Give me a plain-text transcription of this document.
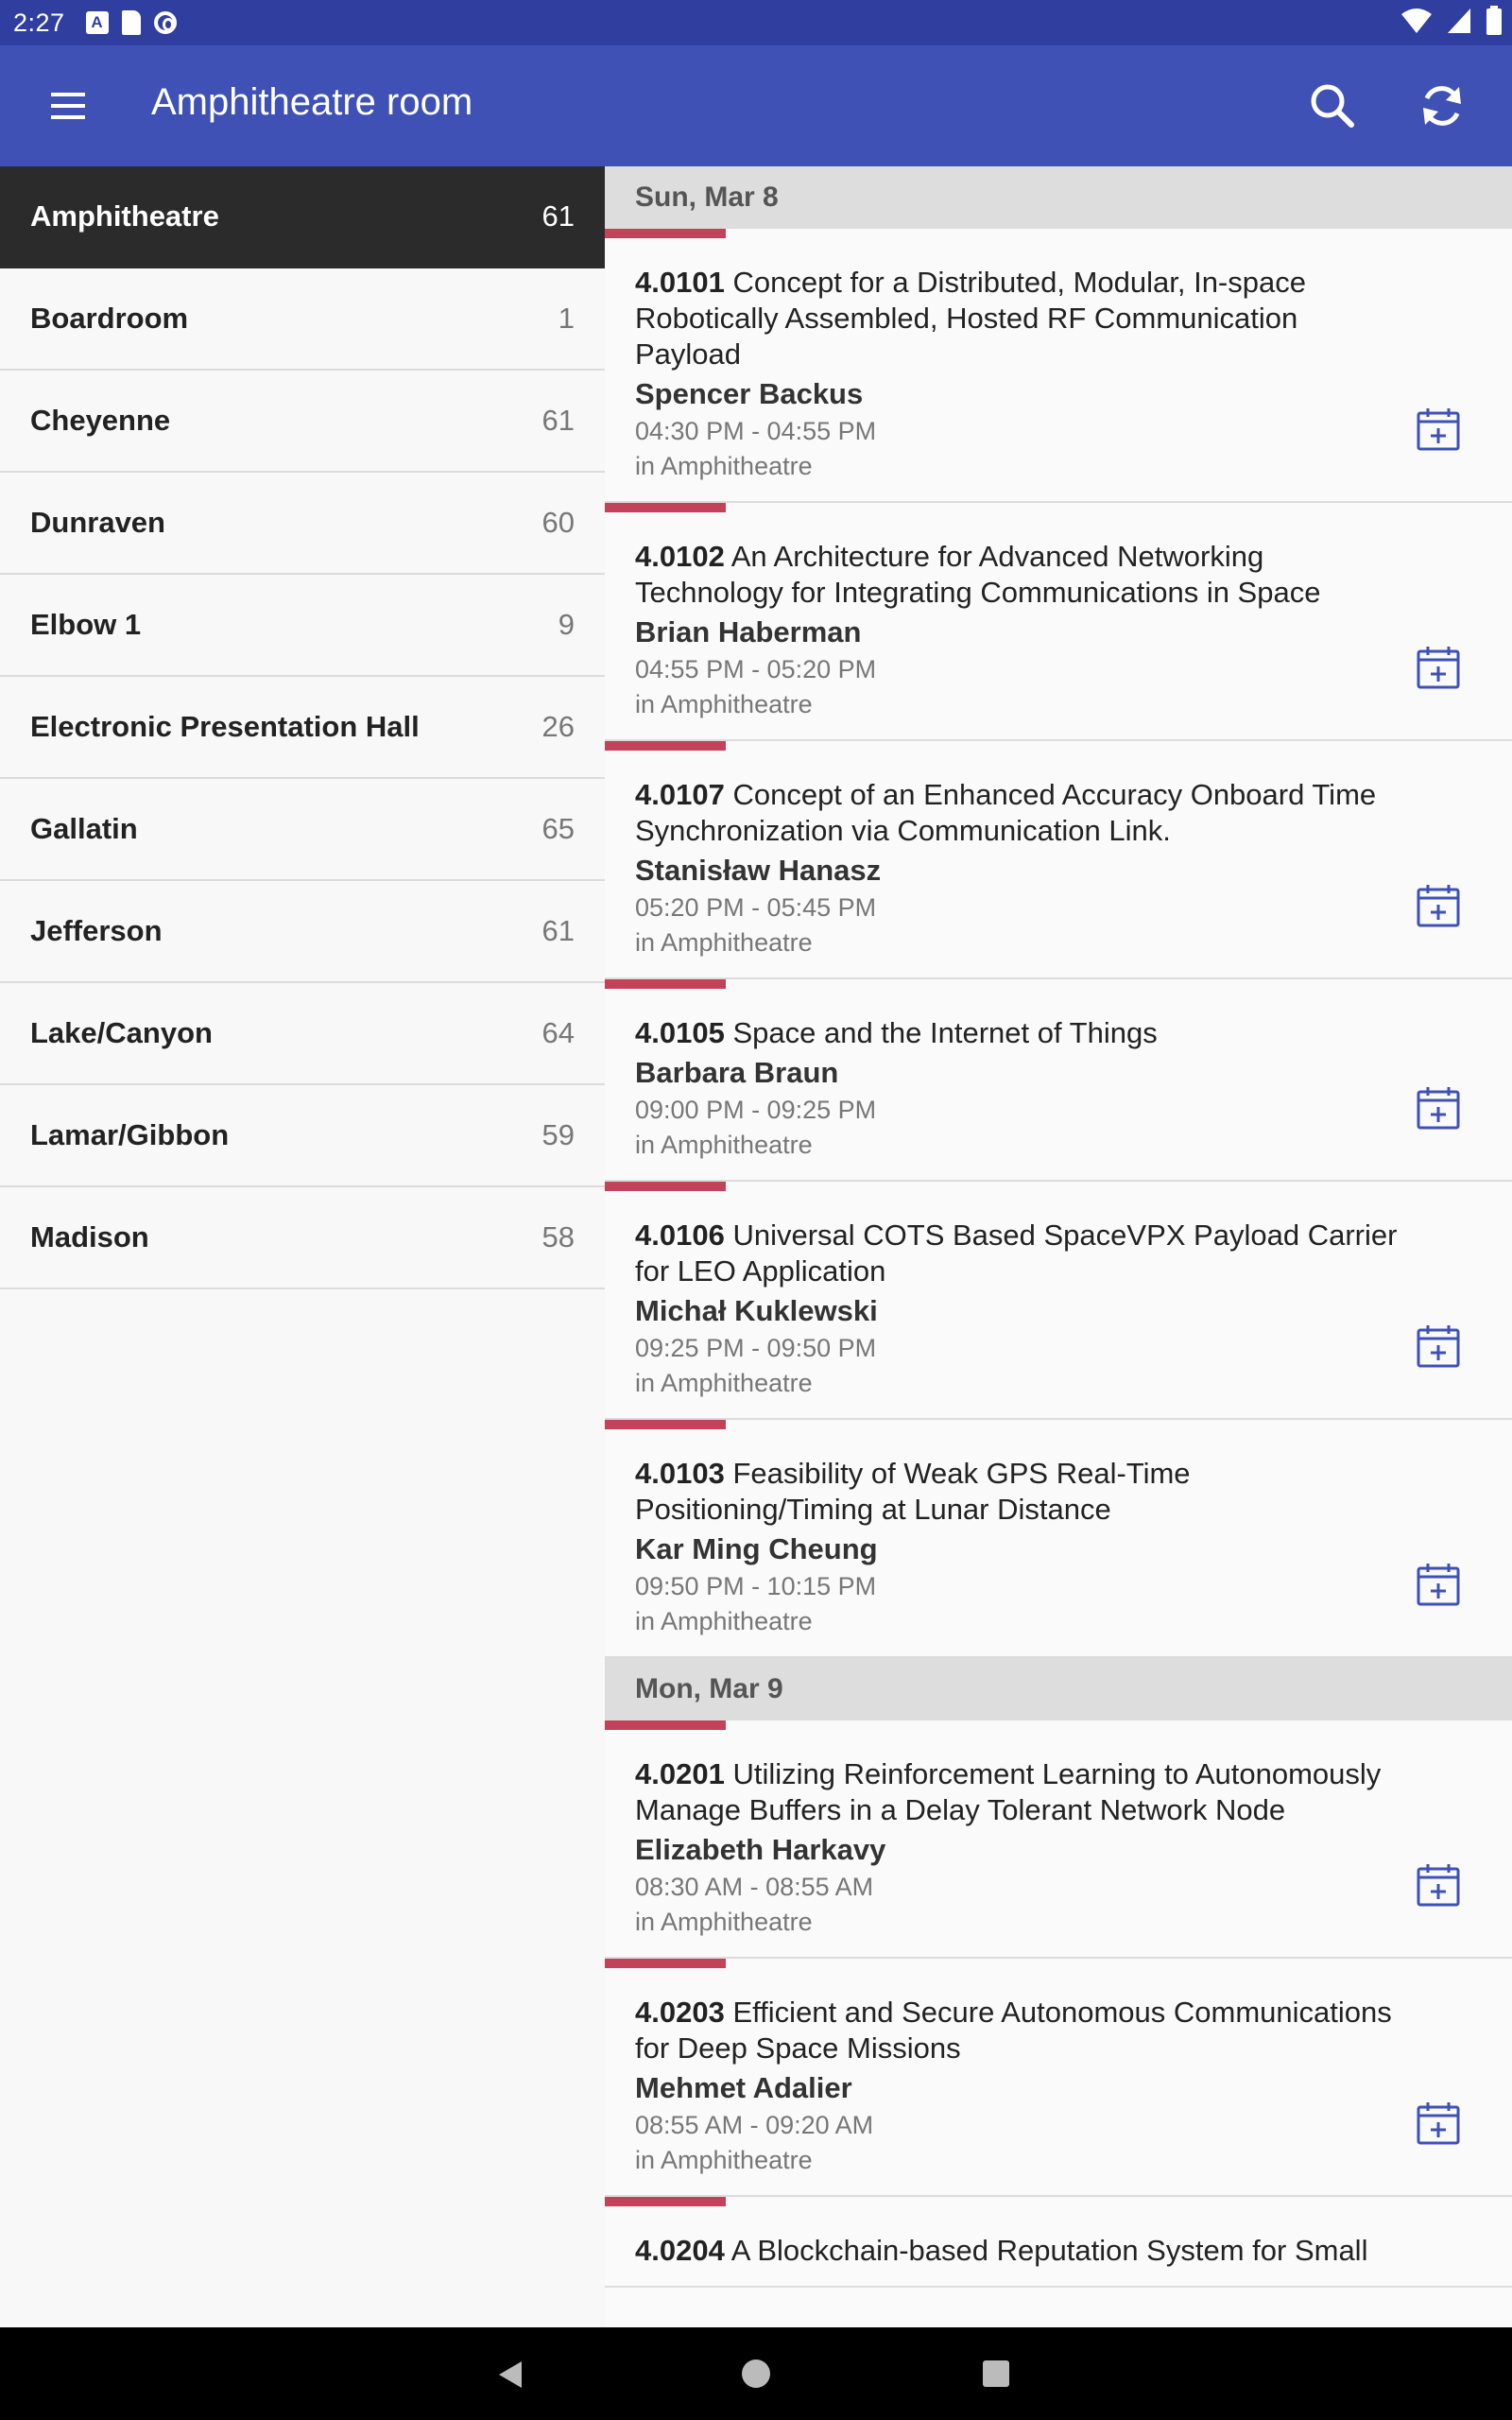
2:27	A
Amphitheatre room
Amphitheatre	61
Boardroom	1
Cheyenne	61
Dunraven	60
Elbow 1	9
Electronic Presentation Hall	26
Gallatin	65
Jefferson	61
Lake/Canyon	64
Lamar/Gibbon	59
Madison	58
Sun, Mar 8
4.0101 Concept for a Distributed, Modular, In-space Robotically Assembled, Hosted RF Communication Payload
Spencer Backus
04:30 PM - 04:55 PM
in Amphitheatre
4.0102 An Architecture for Advanced Networking Technology for Integrating Communications in Space
Brian Haberman
04:55 PM - 05:20 PM
in Amphitheatre
4.0107 Concept of an Enhanced Accuracy Onboard Time Synchronization via Communication Link.
Stanisław Hanasz
05:20 PM - 05:45 PM
in Amphitheatre
4.0105 Space and the Internet of Things
Barbara Braun
09:00 PM - 09:25 PM
in Amphitheatre
4.0106 Universal COTS Based SpaceVPX Payload Carrier for LEO Application
Michał Kuklewski
09:25 PM - 09:50 PM
in Amphitheatre
4.0103 Feasibility of Weak GPS Real-Time Positioning/Timing at Lunar Distance
Kar Ming Cheung
09:50 PM - 10:15 PM
in Amphitheatre
Mon, Mar 9
4.0201 Utilizing Reinforcement Learning to Autonomously Manage Buffers in a Delay Tolerant Network Node
Elizabeth Harkavy
08:30 AM - 08:55 AM
in Amphitheatre
4.0203 Efficient and Secure Autonomous Communications for Deep Space Missions
Mehmet Adalier
08:55 AM - 09:20 AM
in Amphitheatre
4.0204 A Blockchain-based Reputation System for Small
